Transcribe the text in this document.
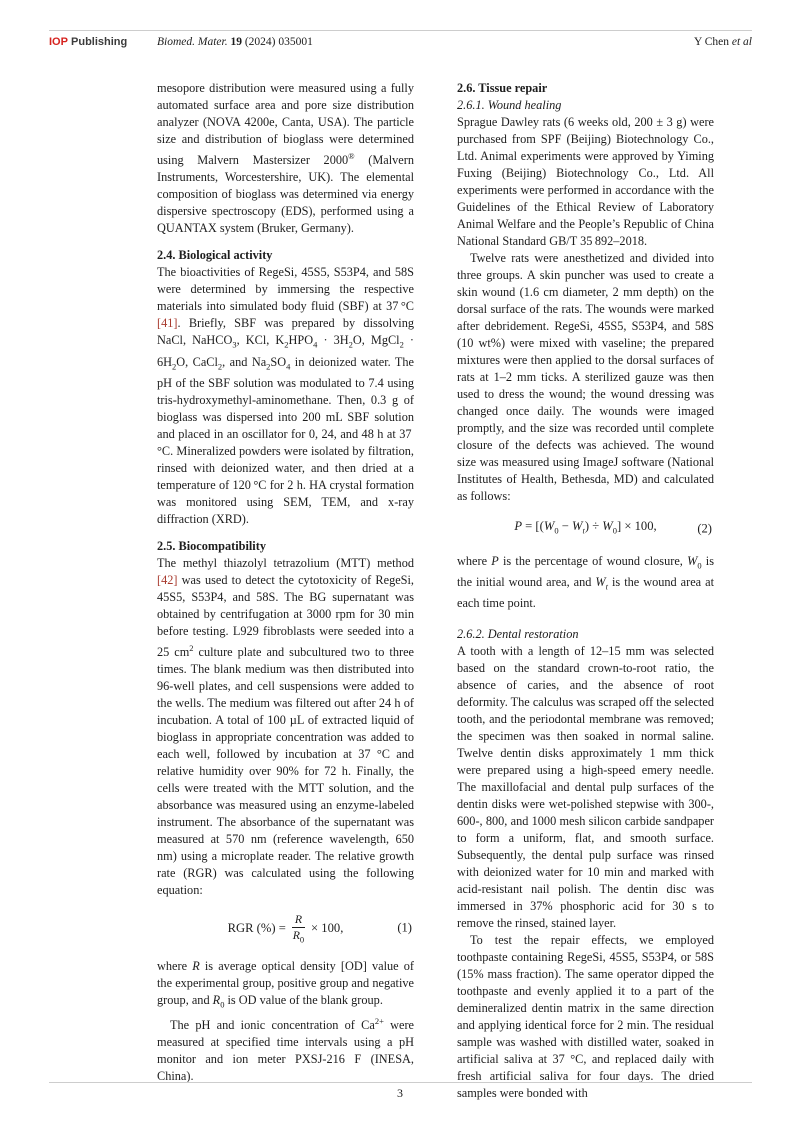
IOP Publishing	Biomed. Mater. 19 (2024) 035001	Y Chen et al

mesopore distribution were measured using a fully automated surface area and pore size distribution analyzer (NOVA 4200e, Canta, USA). The particle size and distribution of bioglass were determined using Malvern Mastersizer 2000® (Malvern Instruments, Worcestershire, UK). The elemental composition of bioglass was determined via energy dispersive spectroscopy (EDS), performed using a QUANTAX system (Bruker, Germany).

2.4. Biological activity

The bioactivities of RegeSi, 45S5, S53P4, and 58S were determined by immersing the respective materials into simulated body fluid (SBF) at 37 °C [41]. Briefly, SBF was prepared by dissolving NaCl, NaHCO$_3$, KCl, $K_2HPO_4 \cdot 3H_2O$, MgCl$_2$ · $6H_2O$, CaCl$_2$, and $Na_2SO_4$ in deionized water. The pH of the SBF solution was modulated to 7.4 using tris-hydroxymethyl-aminomethane. Then, 0.3 g of bioglass was dispersed into 200 mL SBF solution and placed in an oscillator for 0, 24, and 48 h at 37 °C. Mineralized powders were isolated by filtration, rinsed with deionized water, and then dried at a temperature of 120 °C for 2 h. HA crystal formation was monitored using SEM, TEM, and x-ray diffraction (XRD).

2.5. Biocompatibility

The methyl thiazolyl tetrazolium (MTT) method [42] was used to detect the cytotoxicity of RegeSi, 45S5, S53P4, and 58S. The BG supernatant was obtained by centrifugation at 3000 rpm for 30 min before testing. L929 fibroblasts were seeded into a 25 $cm^2$ culture plate and subcultured two to three times. The blank medium was then distributed into 96-well plates, and cell suspensions were added to the wells. The medium was filtered out after 24 h of incubation. A total of 100 µL of extracted liquid of bioglass in appropriate concentration was added to each well, followed by incubation at 37 °C and relative humidity over 90% for 72 h. Finally, the cells were treated with the MTT solution, and the absorbance was measured using an enzyme-labeled instrument. The absorbance of the supernatant was measured at 570 nm (reference wavelength, 650 nm) using a microplate reader. The relative growth rate (RGR) was calculated using the following equation:

RGR (%) = $\frac{R}{R_0} \times 100$,	(1)

where R is average optical density [OD] value of the experimental group, positive group and negative group, and $R_0$ is OD value of the blank group.

The pH and ionic concentration of $Ca^{2+}$ were measured at specified time intervals using a pH monitor and ion meter PXSJ-216 F (INESA, China).

2.6. Tissue repair

2.6.1. Wound healing

Sprague Dawley rats (6 weeks old, 200 ± 3 g) were purchased from SPF (Beijing) Biotechnology Co., Ltd. Animal experiments were approved by Yiming Fuxing (Beijing) Biotechnology Co., Ltd. All experiments were performed in accordance with the Guidelines of the Ethical Review of Laboratory Animal Welfare and the People’s Republic of China National Standard GB/T 35 892–2018.

Twelve rats were anesthetized and divided into three groups. A skin puncher was used to create a skin wound (1.6 cm diameter, 2 mm depth) on the dorsal surface of the rats. The wounds were marked after debridement. RegeSi, 45S5, S53P4, and 58S (10 wt%) were mixed with vaseline; the prepared mixtures were then applied to the dorsal surfaces of rats at 1–2 mm ticks. A sterilized gauze was then used to dress the wound; the wound dressing was changed once daily. The wounds were imaged promptly, and the size was recorded until complete closure of the defects was achieved. The wound size was measured using ImageJ software (National Institutes of Health, Bethesda, MD) and calculated as follows:

$P = [(W_0 - W_t) \div W_0] \times 100$,	(2)

where P is the percentage of wound closure, $W_0$ is the initial wound area, and $W_t$ is the wound area at each time point.

2.6.2. Dental restoration

A tooth with a length of 12–15 mm was selected based on the standard crown-to-root ratio, the absence of caries, and the absence of root deformity. The calculus was scraped off the selected tooth, and the periodontal membrane was removed; the specimen was then soaked in normal saline. Twelve dentin disks approximately 1 mm thick were prepared using a high-speed emery needle. The maxillofacial and dental pulp surfaces of the dentin disks were wet-polished stepwise with 300-, 600-, 800, and 1000 mesh silicon carbide sandpaper to form a uniform, flat, and smooth surface. Subsequently, the dental pulp surface was rinsed with deionized water for 10 min and marked with acid-resistant nail polish. The dentin disc was immersed in 37% phosphoric acid for 30 s to remove the rinsed, stained layer.

To test the repair effects, we employed toothpaste containing RegeSi, 45S5, S53P4, or 58S (15% mass fraction). The same operator dipped the toothpaste and evenly applied it to a part of the demineralized dentin matrix in the same direction and applying identical force for 2 min. The residual sample was washed with distilled water, soaked in artificial saliva at 37 °C, and replaced daily with fresh artificial saliva for four days. The dried samples were bonded with

3
